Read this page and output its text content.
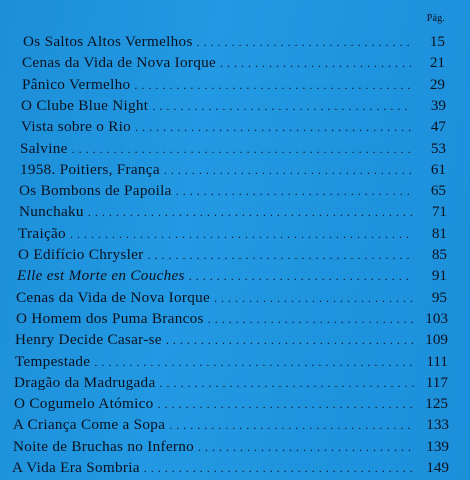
Pág.
Os Saltos Altos Vermelhos . . .	15
Cenas da Vida de Nova Iorque . . .	21
Pânico Vermelho . . .	29
O Clube Blue Night . . .	39
Vista sobre o Rio . . .	47
Salvine . . .	53
1958. Poitiers, França . . .	61
Os Bombons de Papoila . . .	65
Nunchaku . . .	71
Traição . . .	81
O Edifício Chrysler . . .	85
Elle est Morte en Couches . . .	91
Cenas da Vida de Nova Iorque . . .	95
O Homem dos Puma Brancos . . .	103
Henry Decide Casar-se . . .	109
Tempestade . . .	111
Dragão da Madrugada . . .	117
O Cogumelo Atómico . . .	125
A Criança Come a Sopa . . .	133
Noite de Bruchas no Inferno . . .	139
A Vida Era Sombria . . .	149
